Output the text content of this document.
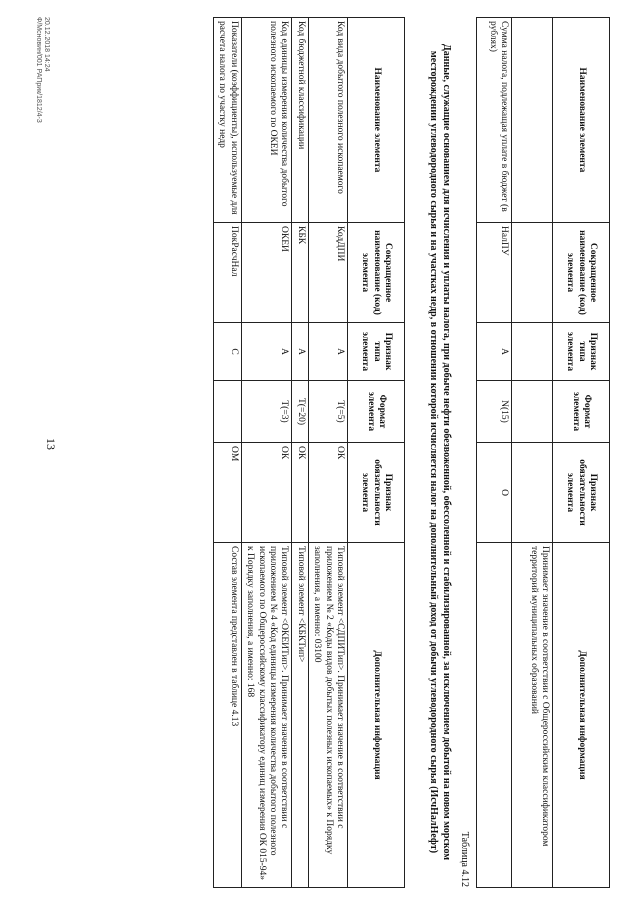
13
Наименование элемента	Сокращенное наименование (код) элемента	Признак типа элемента	Формат элемента	Признак обязательности элемента	Дополнительная информация
					Принимает значение в соответствии с Общероссийским классификатором территорий муниципальных образований
Сумма налога, подлежащая уплате в бюджет (в рублях)	НалПУ	А	N(15)	О	
Таблица 4.12
Данные, служащие основанием для исчисления и уплаты налога, при добыче нефти обезвоженной, обессоленной и стабилизированной, за исключением добытой на новом морском месторождении углеводородного сырья и на участках недр, в отношении которой исчисляется налог на дополнительный доход от добычи углеводородного сырья (ИсчНалНефт)
Наименование элемента	Сокращенное наименование (код) элемента	Признак типа элемента	Формат элемента	Признак обязательности элемента	Дополнительная информация
Код вида добытого полезного ископаемого	КодДПИ	А	Т(=5)	ОК	Типовой элемент <СДПИТип>. Принимает значение в соответствии с приложением № 2 «Коды видов добытых полезных ископаемых» к Порядку заполнения, а именно: 03100
Код бюджетной классификации	КБК	А	Т(=20)	ОК	Типовой элемент <КБКТип>
Код единицы измерения количества добытого полезного ископаемого по ОКЕИ	ОКЕИ	А	Т(=3)	ОК	Типовой элемент <ОКЕИТип>. Принимает значение в соответствии с приложением № 4 «Код единицы измерения количества добытого полезного ископаемого по Общероссийскому классификатору единиц измерения ОК 015-94» к Порядку заполнения, а именно: 168
Показатели (коэффициенты), используемые для расчета налога по участку недр	ПокРасчНал	С		ОМ	Состав элемента представлен в таблице 4.13
20.12.2018 14:24
Ф/Мсновин/001 РАПрик/1812/4-3
